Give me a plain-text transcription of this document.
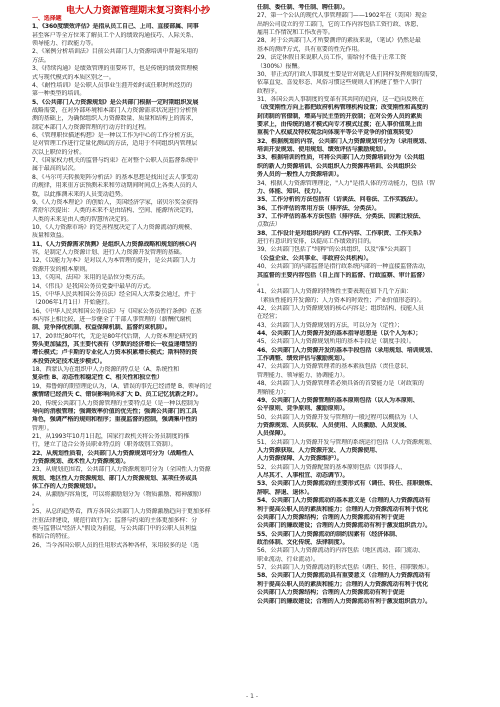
电大人力资源管理期末复习资料小抄
一、选择题
1、《360度绩效评估》是指从员工自己、上司、直接部属、同事
甚至客户等全方位来了解员工个人的绩效沟通技巧、人际关系、
领导能力、行政能力等。
2、《案例分析培训法》目前公共部门人力资源培训中普遍采用的
方法。
3、《持续沟通》是绩效管理的重要环节，也是传统的绩效管理模
式与现代模式的本质区别之一。
4、《耐性培训》是公职人员事业生涯开始时或任职时所经历的
第一种类型的培训。
5、《公共部门人力资源规划》是公共部门根据一定时期组织发展
战略需要，在对外部环境和本部门人力资源需求状况进行分析预
测的基础上，为确保组织人力资源数量、质量和结构上的需求，
制定本部门人力资源管理的行动方针的过程。
6、《管理职位描述构想》是一种以工作为中心的工作分析方法，
是对管理工作进行定量化测试的方法，适用于不同组织内管理层
次以上职位的分析。
7、《国家权力机关的监督与约束》在对整个公职人员监督系统中
属于最高的层次。
8、《马尔可夫转换矩阵分析法》的基本思想是找出过去人事变动
的规律，用来重方法预测未来和劳动期间时间点上各类人员的人
数，以此推测未来的人员变动趋势。
9、《人力资本理论》的创始人，美国经济学家，诺贝尔奖金获得
者舒尔茨提出：人类的未来不是由结构、空间、能源所决定的，
人类的未来是由人类的智慧所决定的。
10、《人力资源市场》的完善程度决定了人力资源流动的规模、
质量和效益。
11、《人力资源需求预测》是组织人力资源战略和规划的核心内
容，是制定人力资源计划、进行人力资源开发管理的基础。
12、《以能力为本》是对以人为本管理的提升，是公共部门人力
资源开发的根本原则。
13、《英国、法国》采用的是品位分类方法。
14、《伟良》是我国公务员党委中最早的方式。
15、《中华人民共和国公务员法》经全国人大常委会通过，并于
（2006年1月1日）开始施行。
16、《中华人民共和国公务员法》与《国家公务员暂行条例》在基
本内容上相比较，进一步健全了干部人事管理的（薪酬代谢机
制、竞争择优机制、权益保障机制、监督约束机制）。
17、20世纪80年代，无论是80年代后期，人力资本理论研究的
势头更加猛烈，其主要代表有（罗默的经济增长一收益递增型的
增长模式；卢卡斯的专业化人力资本积累增长模式；斯科特的资
本投资决定技术进步模式）。
18、西蒙认为在组织中人力资源的特点是（A、系统性和
复杂性 B、动态性和稳定性 C、相关性和独立性）
19、弗鲁姆的期望理论认为，（A、错误的事先已经清楚 B、领导的过
激情绪已经消失 C、错误影响尚未扩大 D、员工记忆犹新之时）。
20、传统公共部门人力资源管理的主要特点是（是一种以控制为
导向的消极管理；强调效率价值的优先性；强调公共部门的工具
角色，强调严格的规则和程序；重视监督的控制，强调集中性的
管理）。
21、从1993年10月1日起，国家行政机关将公务员制度的推
行，建立了适合公务员职业特点的（职务级别工资制）。
22、从规划性质看，公共部门人力资源规划可分为（战略性人
力资源规划、战术性人力资源规划）。
23、从规划范围看，公共部门人力资源规划可分为（全国性人力资源
规划、地区性人力资源规划、部门人力资源规划、某项任务或具
体工作的人力资源规划）。
24、从激励内容角度，可以将激励划分为（物质激励、精神激励）
。
25、从总的趋势看，西方各国公共部门人力资源激励趋向于更加多样
注重法律建设，规范行政行为；监督与约束的主体更加多样：分
类与监督以"经济人"假设为前提，与公共部门中的公职人员利益
相结合的特征。
26、当今各国公职人员的任用形式各种各样，采用较多的是（选
任制、委任制、考任制、聘任制）。
27、第一个公认的现代人事管理部门——1902年在（美国）现金
出纳公司设立的劳工部门，它的工作内容包括工资行政、诉愿、
雇用工作情况和工作改善等。
28、对于公共部门人才所要测评的素质来说，（笔试）仍然是最
基本的测评方式，具有重要的性先作用。
29、法定休假日来说职人员工作，需给付不低于正常工资
（300%）报酬。
30、菲正式的行政人事制度主要是针对就是人们同样发挥规划的需要，
依靠直觉、喜爱形态、风俗习惯这些规则人们构建了整个人事行
政程序。
31、各国公共人事制度的变革有其共同的趋向，这一趋向反映在
（改变刚性方向上都把政府机构管理机构设置；改变刚性和高度的
封闭制的官僚制，增高与民主型的开放制；在对公务人员的素质
要求上，由传统的通才模式向专才模式过渡；在人事价值观上由
重视个人权威及特权观念向体现平等公平竞争的价值观转变）
32、根据规划的内容，公共部门人力资源规划可分为（录用规划、
培训开发规划、使用规划、绩效评估与激励规划）。
33、根据培训的性质，可将公共部门人力资源培训分为（公共组
织的新人力资源培训、公共组织人力资源再培训、公共组织公
务人员的一般性人力资源培训）。
34、根据人力资源管理理论，"人力"是指人体的劳动能力，包括（智
力、体能、知识、技力）。
35、工作分析的方法包括有（访谈法、问卷法、工作实践法）。
36、工作评估的常用方法（排序法、分类法）。
37、工作评估的基本方法包括（排序法、分类法、因素比较法、
点数法）
38、工作设计是对组织内的《工作内容、工作职责、工作关系》
进行有意识的安排，以提高工作绩效的目的。
39、公共部门包括了"纯粹"的公共组织，以及"准"公共部门
（公益企业、公共事业、非政府公共机构）。
40、公共部门的内部监督是指行政系统内部的一种直接监督活动，
其监督的主要内容包括（自上而下的监督、行政监察、审计监督）
。
41、公共部门人力资源的特殊性主要表现在如下几个方面：
（素质性能的开发源的；人力资本的时效性；产业价值形态的）。
42、公共部门人力资源规划的核心内容是；组织结构、技能人员
在经营；
43、公共部门人力资源规划的方法，可以分为（定性）；
44、公共部门人力资源开发的基本指导思想是（以个人为本）；
45、公共部门人力资源规划所用的基本手段是（制度手段）。
46、公共部门人力资源开发的基本手段包括（录用规划、培训规划、
工作调整、绩效评估与激励规划）。
47、公共部门人力资源管理者的基本素质包括（责任意识、
管理能力、领导能力、协调能力）。
48、公共部门人力资源管理者必须具备的首要能力是（对政策的
理解能力）；
49、公共部门人力资源管理的基本原则包括（以人为本原则、
公平原则、竞争原则、激励原则）。
50、公共部门人力资源开发与管理的一般过程可以概括为（人
力资源规划、人员获取、人员使用、人员激励、人员发展、
人员保障）。
51、公共部门人力资源开发与管理的系统运行包括（人力资源规划、
人力资源获取、人力资源开发、人力资源使用、
人力资源保障、人力资源维护）。
52、公共部门人力资源配置的基本原则包括（因事择人、
人尽其才、人事相宜、动态调节）。
53、公共部门人力资源流动的主要形式有（调任、转任、挂职锻炼、
辞职、辞退、退休）。
54、公共部门人力资源流动的基本意义是（合理的人力资源流动有
利于提高公职人员的素质和能力；合理的人力资源流动有利于优化
公共部门人力资源结构；合理的人力资源流动有利于促进
公共部门的廉政建设；合理的人力资源流动有利于激发组织活力）。
55、公共部门人力资源流动的制约因素有（经济体制、
政治体制、文化传统、法律制度）。
56、公共部门人力资源流动的内容包括（地区流动、部门流动、
职业流动、行业流动）。
57、公共部门人力资源流动的形式包括（调任、转任、挂职锻炼）。
58、公共部门人力资源流动具有重要意义（合理的人力资源流动有
利于提高公职人员的素质和能力；合理的人力资源流动有利于优化
公共部门人力资源结构；合理的人力资源流动有利于促进
公共部门的廉政建设；合理的人力资源流动有利于激发组织活力）。

- 1 -
